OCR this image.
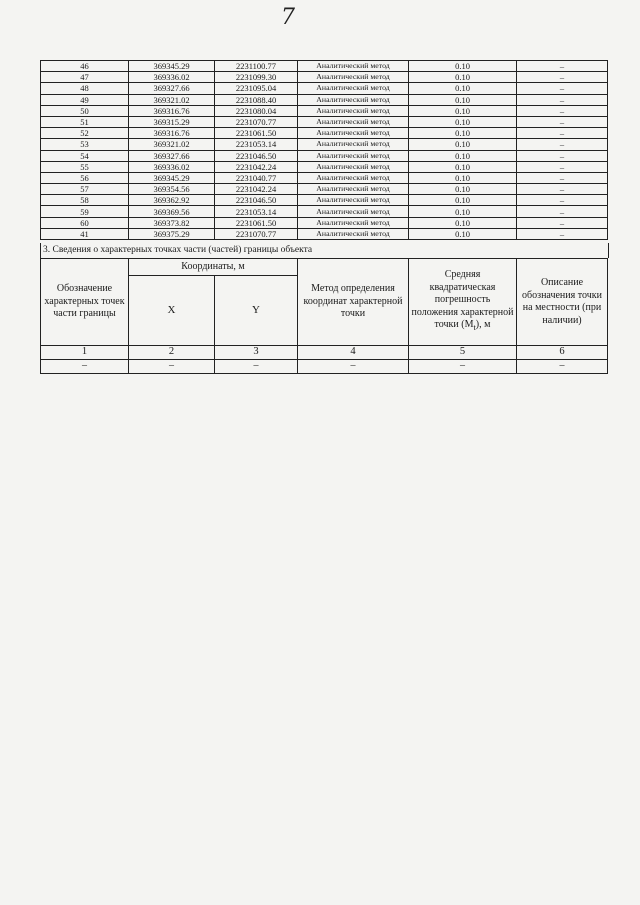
7
46	369345.29	2231100.77	Аналитический метод	0.10	–
47	369336.02	2231099.30	Аналитический метод	0.10	–
48	369327.66	2231095.04	Аналитический метод	0.10	–
49	369321.02	2231088.40	Аналитический метод	0.10	–
50	369316.76	2231080.04	Аналитический метод	0.10	–
51	369315.29	2231070.77	Аналитический метод	0.10	–
52	369316.76	2231061.50	Аналитический метод	0.10	–
53	369321.02	2231053.14	Аналитический метод	0.10	–
54	369327.66	2231046.50	Аналитический метод	0.10	–
55	369336.02	2231042.24	Аналитический метод	0.10	–
56	369345.29	2231040.77	Аналитический метод	0.10	–
57	369354.56	2231042.24	Аналитический метод	0.10	–
58	369362.92	2231046.50	Аналитический метод	0.10	–
59	369369.56	2231053.14	Аналитический метод	0.10	–
60	369373.82	2231061.50	Аналитический метод	0.10	–
41	369375.29	2231070.77	Аналитический метод	0.10	–
3. Сведения о характерных точках части (частей) границы объекта
Обозначение характерных точек части границы	Координаты, м		Метод определения координат характерной точки	Средняя квадратическая погрешность положения характерной точки $(M_t)$, м	Описание обозначения точки на местности (при наличии)
	X	Y			
1	2	3	4	5	6
–	–	–	–	–	–
